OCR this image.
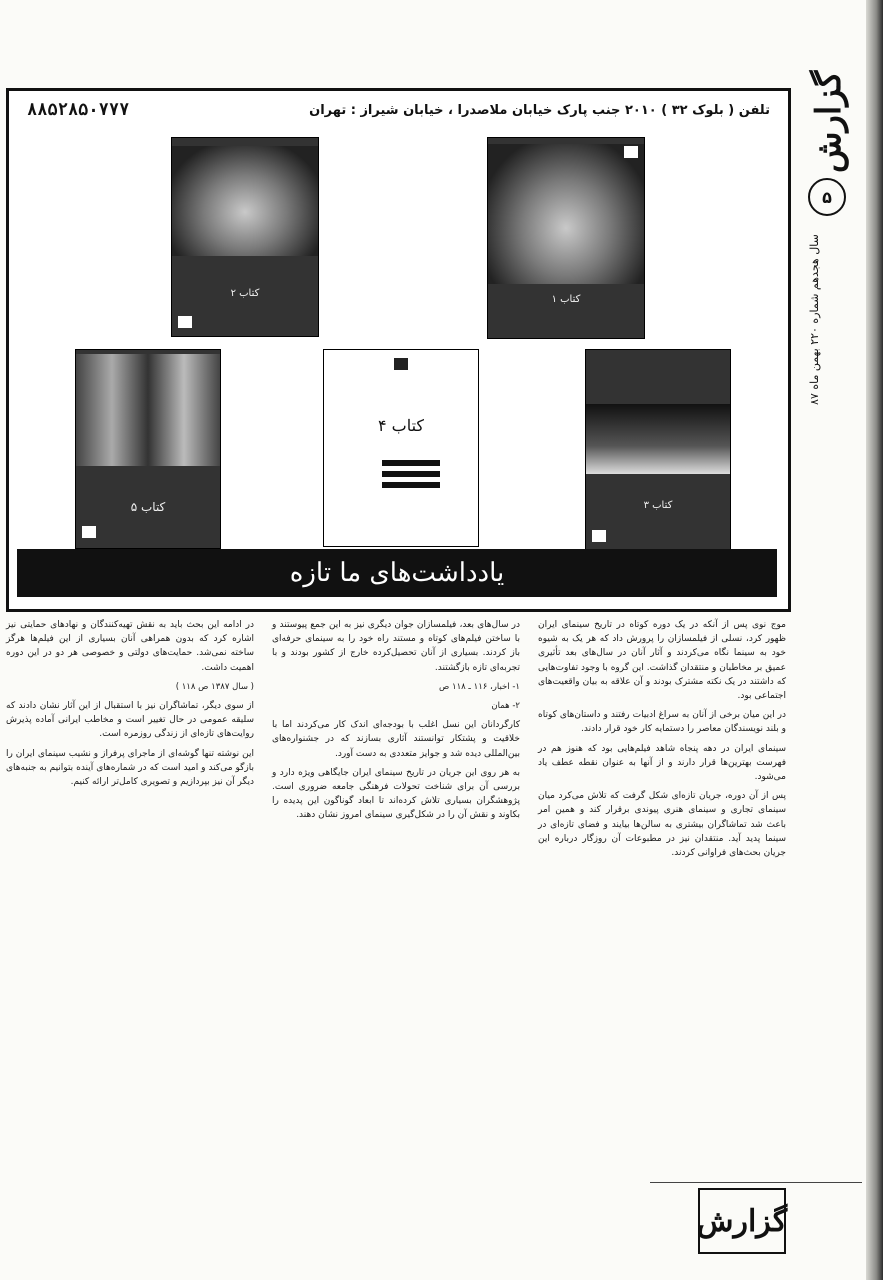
گزارش
۵
سال هجدهم شماره ۲۲۰ بهمن ماه ۸۷
تلفن ( بلوک ۳۲ ) ۲۰۱۰ جنب پارک خیابان ملاصدرا ، خیابان شیراز : تهران
۸۸۵۲۸۵۰۷۷۷
کتاب ۱
کتاب ۲
کتاب ۳
کتاب ۴
کتاب ۵
یادداشت‌های ما تازه

موج نوی پس از آنکه در یک دوره کوتاه در تاریخ سینمای ایران ظهور کرد، نسلی از فیلمسازان را پرورش داد که هر یک به شیوه خود به سینما نگاه می‌کردند و آثار آنان در سال‌های بعد تأثیری عمیق بر مخاطبان و منتقدان گذاشت. این گروه با وجود تفاوت‌هایی که داشتند در یک نکته مشترک بودند و آن علاقه به بیان واقعیت‌های اجتماعی بود.

در این میان برخی از آنان به سراغ ادبیات رفتند و داستان‌های کوتاه و بلند نویسندگان معاصر را دستمایه کار خود قرار دادند.

سینمای ایران در دهه پنجاه شاهد فیلم‌هایی بود که هنوز هم در فهرست بهترین‌ها قرار دارند و از آنها به عنوان نقطه عطف یاد می‌شود.

پس از آن دوره، جریان تازه‌ای شکل گرفت که تلاش می‌کرد میان سینمای تجاری و سینمای هنری پیوندی برقرار کند و همین امر باعث شد تماشاگران بیشتری به سالن‌ها بیایند و فضای تازه‌ای در سینما پدید آید. منتقدان نیز در مطبوعات آن روزگار درباره این جریان بحث‌های فراوانی کردند.

در سال‌های بعد، فیلمسازان جوان دیگری نیز به این جمع پیوستند و با ساختن فیلم‌های کوتاه و مستند راه خود را به سینمای حرفه‌ای باز کردند. بسیاری از آنان تحصیل‌کرده خارج از کشور بودند و با تجربه‌ای تازه بازگشتند.

۱- اخبار، ۱۱۶ ـ ۱۱۸ ص

۲- همان

کارگردانان این نسل اغلب با بودجه‌ای اندک کار می‌کردند اما با خلاقیت و پشتکار توانستند آثاری بسازند که در جشنواره‌های بین‌المللی دیده شد و جوایز متعددی به دست آورد.

به هر روی این جریان در تاریخ سینمای ایران جایگاهی ویژه دارد و بررسی آن برای شناخت تحولات فرهنگی جامعه ضروری است. پژوهشگران بسیاری تلاش کرده‌اند تا ابعاد گوناگون این پدیده را بکاوند و نقش آن را در شکل‌گیری سینمای امروز نشان دهند.

در ادامه این بحث باید به نقش تهیه‌کنندگان و نهادهای حمایتی نیز اشاره کرد که بدون همراهی آنان بسیاری از این فیلم‌ها هرگز ساخته نمی‌شد. حمایت‌های دولتی و خصوصی هر دو در این دوره اهمیت داشت.

( سال ۱۳۸۷ ص ۱۱۸ )

از سوی دیگر، تماشاگران نیز با استقبال از این آثار نشان دادند که سلیقه عمومی در حال تغییر است و مخاطب ایرانی آماده پذیرش روایت‌های تازه‌ای از زندگی روزمره است.

این نوشته تنها گوشه‌ای از ماجرای پرفراز و نشیب سینمای ایران را بازگو می‌کند و امید است که در شماره‌های آینده بتوانیم به جنبه‌های دیگر آن نیز بپردازیم و تصویری کامل‌تر ارائه کنیم.

گزارش
